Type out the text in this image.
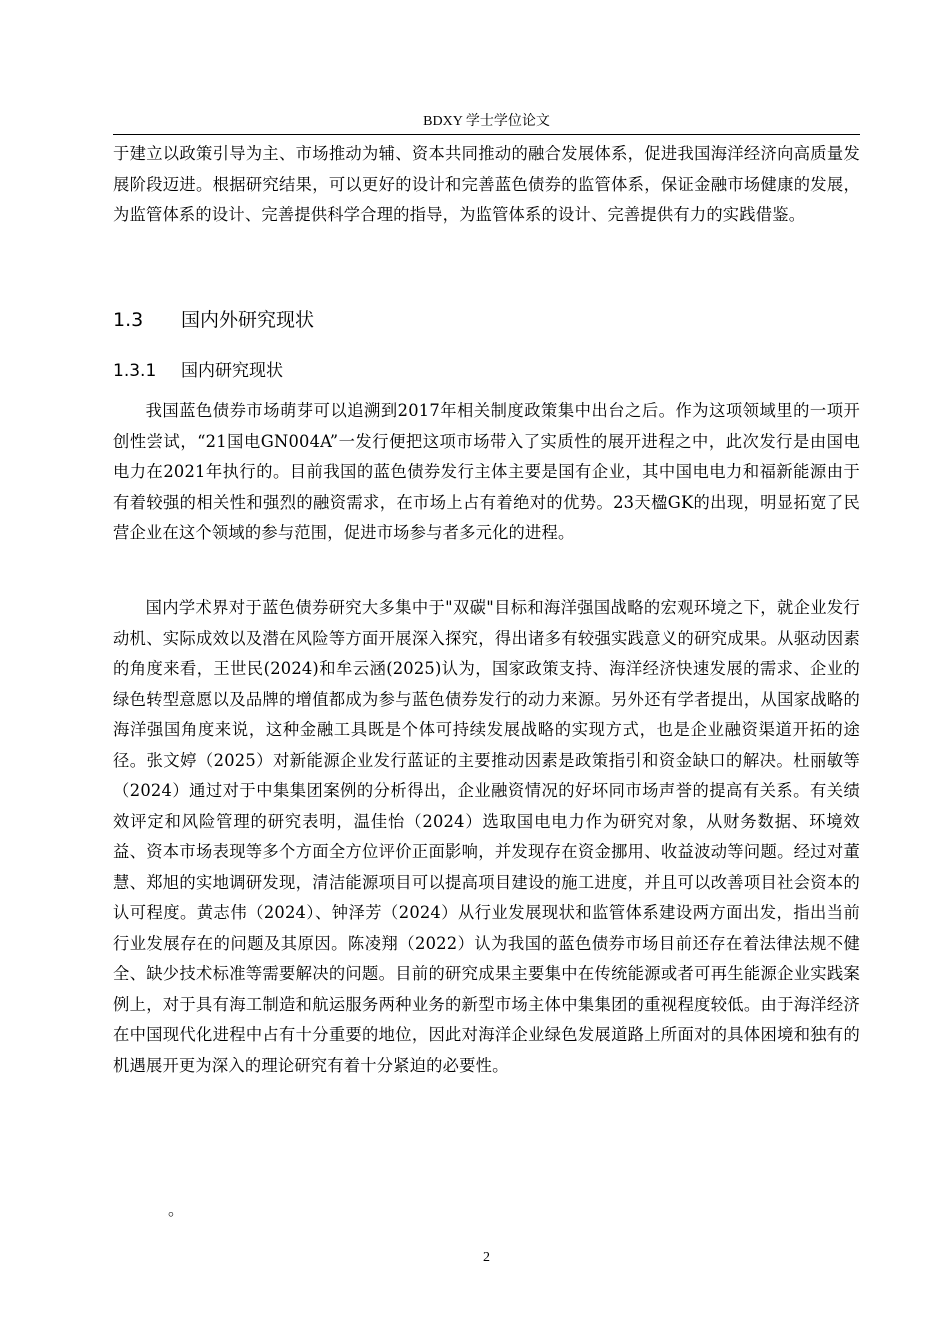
BDXY 学士学位论文

于建立以政策引导为主、市场推动为辅、资本共同推动的融合发展体系，促进我国海洋经济向高质量发展阶段迈进。根据研究结果，可以更好的设计和完善蓝色债券的监管体系，保证金融市场健康的发展，为监管体系的设计、完善提供科学合理的指导，为监管体系的设计、完善提供有力的实践借鉴。

1.3 国内外研究现状
1.3.1 国内研究现状

我国蓝色债券市场萌芽可以追溯到2017年相关制度政策集中出台之后。作为这项领域里的一项开创性尝试，“21国电GN004A”一发行便把这项市场带入了实质性的展开进程之中，此次发行是由国电电力在2021年执行的。目前我国的蓝色债券发行主体主要是国有企业，其中国电电力和福新能源由于有着较强的相关性和强烈的融资需求，在市场上占有着绝对的优势。23天楹GK的出现，明显拓宽了民营企业在这个领域的参与范围，促进市场参与者多元化的进程。

国内学术界对于蓝色债券研究大多集中于"双碳"目标和海洋强国战略的宏观环境之下，就企业发行动机、实际成效以及潜在风险等方面开展深入探究，得出诸多有较强实践意义的研究成果。从驱动因素的角度来看，王世民(2024)和牟云涵(2025)认为，国家政策支持、海洋经济快速发展的需求、企业的绿色转型意愿以及品牌的增值都成为参与蓝色债券发行的动力来源。另外还有学者提出，从国家战略的海洋强国角度来说，这种金融工具既是个体可持续发展战略的实现方式，也是企业融资渠道开拓的途径。张文婷（2025）对新能源企业发行蓝证的主要推动因素是政策指引和资金缺口的解决。杜丽敏等（2024）通过对于中集集团案例的分析得出，企业融资情况的好坏同市场声誉的提高有关系。有关绩效评定和风险管理的研究表明，温佳怡（2024）选取国电电力作为研究对象，从财务数据、环境效益、资本市场表现等多个方面全方位评价正面影响，并发现存在资金挪用、收益波动等问题。经过对董慧、郑旭的实地调研发现，清洁能源项目可以提高项目建设的施工进度，并且可以改善项目社会资本的认可程度。黄志伟（2024）、钟泽芳（2024）从行业发展现状和监管体系建设两方面出发，指出当前行业发展存在的问题及其原因。陈凌翔（2022）认为我国的蓝色债券市场目前还存在着法律法规不健全、缺少技术标准等需要解决的问题。目前的研究成果主要集中在传统能源或者可再生能源企业实践案例上，对于具有海工制造和航运服务两种业务的新型市场主体中集集团的重视程度较低。由于海洋经济在中国现代化进程中占有十分重要的地位，因此对海洋企业绿色发展道路上所面对的具体困境和独有的机遇展开更为深入的理论研究有着十分紧迫的必要性。

。
2
